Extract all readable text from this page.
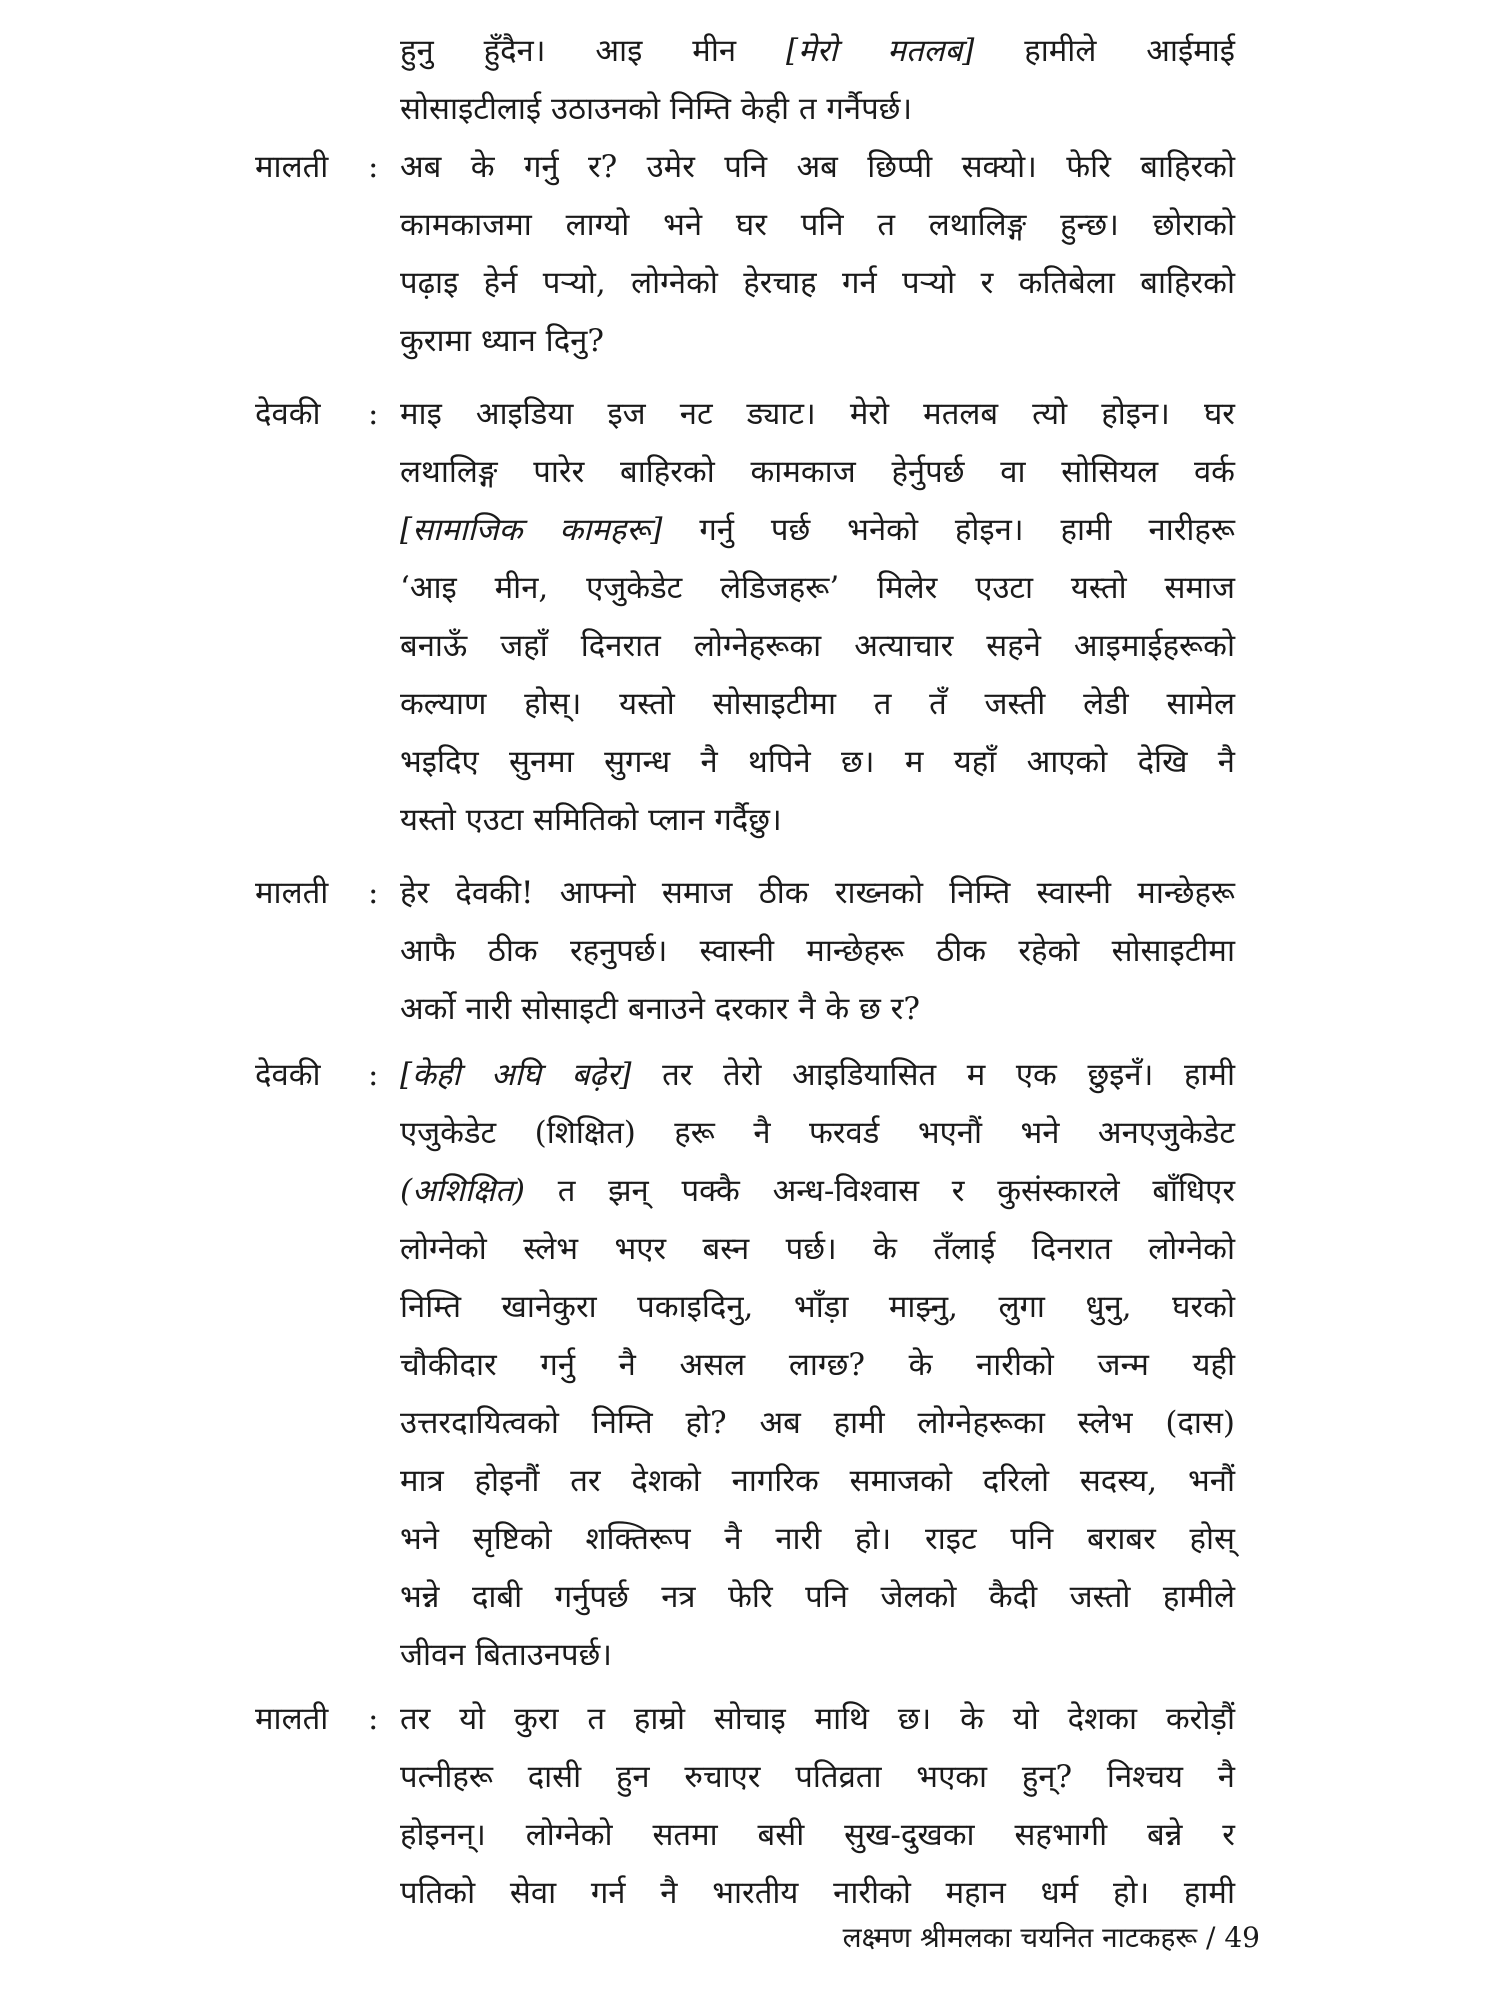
हुनु हुँदैन। आइ मीन [मेरो मतलब] हामीले आईमाई
सोसाइटीलाई उठाउनको निम्ति केही त गर्नैपर्छ।
मालती	: अब के गर्नु र? उमेर पनि अब छिप्पी सक्यो। फेरि बाहिरको
कामकाजमा लाग्यो भने घर पनि त लथालिङ्ग हुन्छ। छोराको
पढ़ाइ हेर्न पर्‍यो, लोग्नेको हेरचाह गर्न पर्‍यो र कतिबेला बाहिरको
कुरामा ध्यान दिनु?
देवकी	: माइ आइडिया इज नट ड्याट। मेरो मतलब त्यो होइन। घर
लथालिङ्ग पारेर बाहिरको कामकाज हेर्नुपर्छ वा सोसियल वर्क
[सामाजिक कामहरू] गर्नु पर्छ भनेको होइन। हामी नारीहरू
‘आइ मीन, एजुकेडेट लेडिजहरू’ मिलेर एउटा यस्तो समाज
बनाऊँ जहाँ दिनरात लोग्नेहरूका अत्याचार सहने आइमाईहरूको
कल्याण होस्। यस्तो सोसाइटीमा त तँ जस्ती लेडी सामेल
भइदिए सुनमा सुगन्ध नै थपिने छ। म यहाँ आएको देखि नै
यस्तो एउटा समितिको प्लान गर्दैछु।
मालती	: हेर देवकी! आफ्नो समाज ठीक राख्नको निम्ति स्वास्नी मान्छेहरू
आफै ठीक रहनुपर्छ। स्वास्नी मान्छेहरू ठीक रहेको सोसाइटीमा
अर्को नारी सोसाइटी बनाउने दरकार नै के छ र?
देवकी	: [केही अघि बढ़ेर] तर तेरो आइडियासित म एक छुइनँ। हामी
एजुकेडेट (शिक्षित) हरू नै फरवर्ड भएनौं भने अनएजुकेडेट
(अशिक्षित) त झन् पक्कै अन्ध-विश्वास र कुसंस्कारले बाँधिएर
लोग्नेको स्लेभ भएर बस्न पर्छ। के तँलाई दिनरात लोग्नेको
निम्ति खानेकुरा पकाइदिनु, भाँड़ा माझ्नु, लुगा धुनु, घरको
चौकीदार गर्नु नै असल लाग्छ? के नारीको जन्म यही
उत्तरदायित्वको निम्ति हो? अब हामी लोग्नेहरूका स्लेभ (दास)
मात्र होइनौं तर देशको नागरिक समाजको दरिलो सदस्य, भनौं
भने सृष्टिको शक्तिरूप नै नारी हो। राइट पनि बराबर होस्
भन्ने दाबी गर्नुपर्छ नत्र फेरि पनि जेलको कैदी जस्तो हामीले
जीवन बिताउनपर्छ।
मालती	: तर यो कुरा त हाम्रो सोचाइ माथि छ। के यो देशका करोड़ौं
पत्नीहरू दासी हुन रुचाएर पतिव्रता भएका हुन्? निश्चय नै
होइनन्। लोग्नेको सतमा बसी सुख-दुखका सहभागी बन्ने र
पतिको सेवा गर्न नै भारतीय नारीको महान धर्म हो। हामी
लक्ष्मण श्रीमलका चयनित नाटकहरू / 49
